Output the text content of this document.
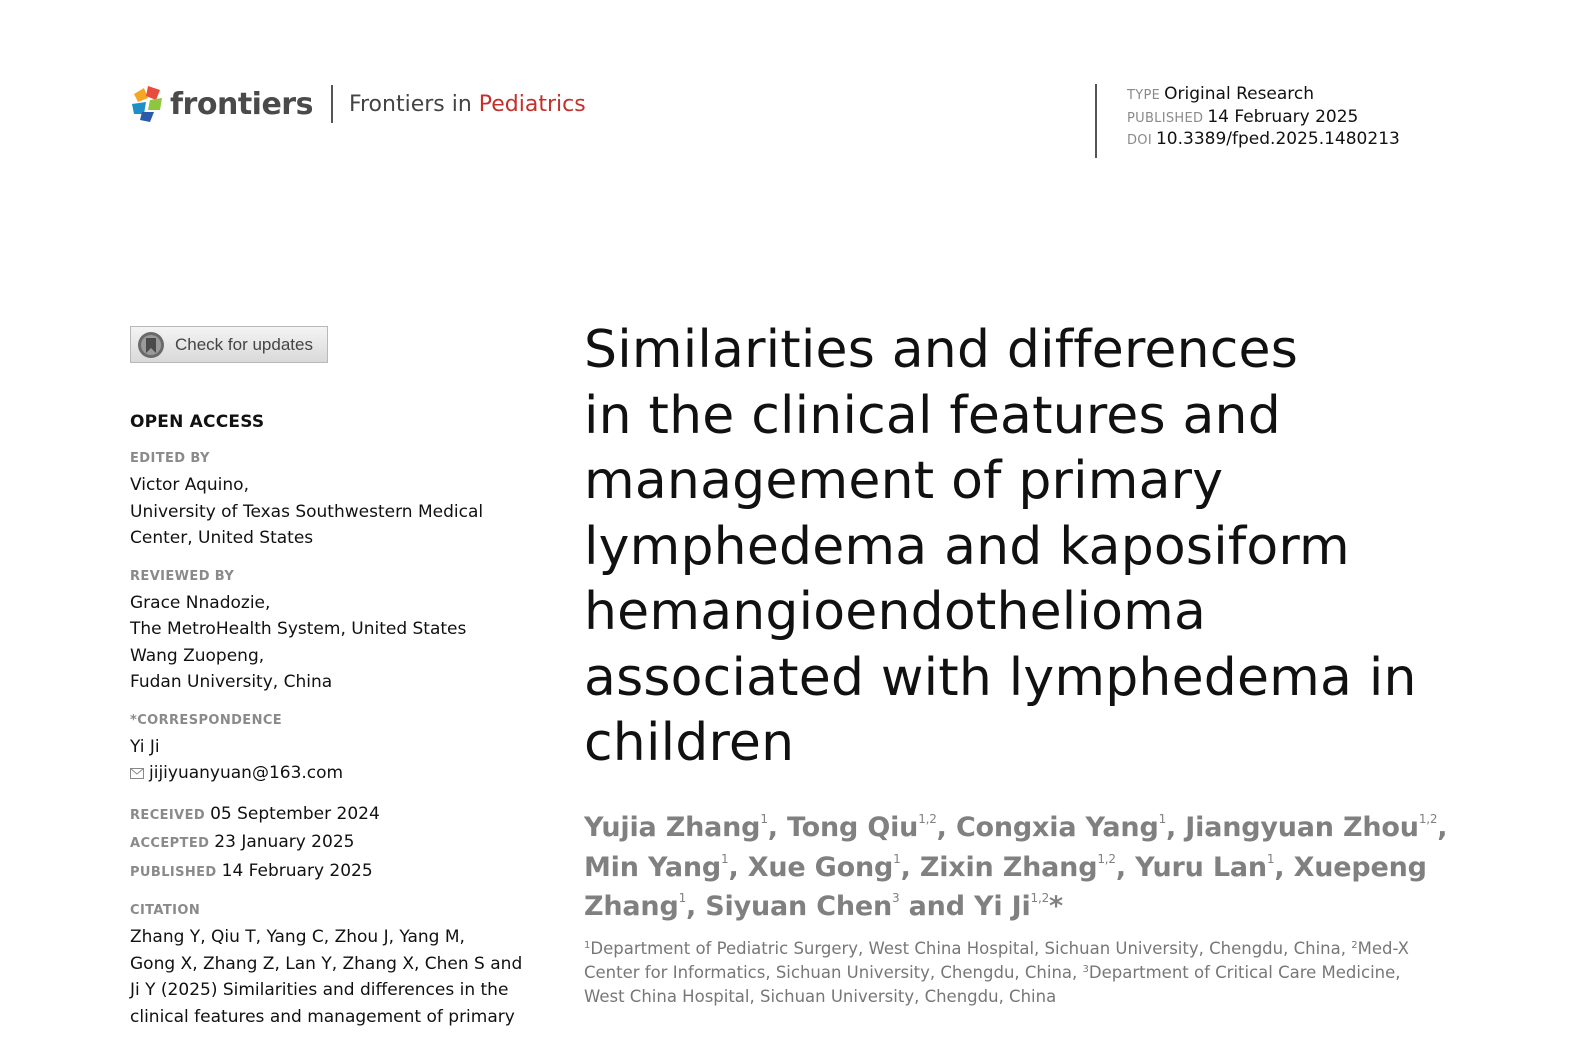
frontiers Frontiers in Pediatrics	TYPE Original Research
PUBLISHED 14 February 2025
DOI 10.3389/fped.2025.1480213
Check for updates
OPEN ACCESS
EDITED BY
Victor Aquino,
University of Texas Southwestern Medical
Center, United States
REVIEWED BY
Grace Nnadozie,
The MetroHealth System, United States
Wang Zuopeng,
Fudan University, China
*CORRESPONDENCE
Yi Ji
jijiyuanyuan@163.com
RECEIVED 05 September 2024
ACCEPTED 23 January 2025
PUBLISHED 14 February 2025
CITATION
Zhang Y, Qiu T, Yang C, Zhou J, Yang M,
Gong X, Zhang Z, Lan Y, Zhang X, Chen S and
Ji Y (2025) Similarities and differences in the
clinical features and management of primary
Similarities and differences
in the clinical features and
management of primary
lymphedema and kaposiform
hemangioendothelioma
associated with lymphedema in
children
Yujia Zhang$^1$, Tong Qiu$^{1,2}$, Congxia Yang$^1$, Jiangyuan Zhou$^{1,2}$, Min Yang$^1$, Xue Gong$^1$, Zixin Zhang$^{1,2}$, Yuru Lan$^1$, Xuepeng Zhang$^1$, Siyuan Chen$^3$ and Yi Ji$^{1,2}$*
$^1$Department of Pediatric Surgery, West China Hospital, Sichuan University, Chengdu, China, $^2$Med-X Center for Informatics, Sichuan University, Chengdu, China, $^3$Department of Critical Care Medicine, West China Hospital, Sichuan University, Chengdu, China
